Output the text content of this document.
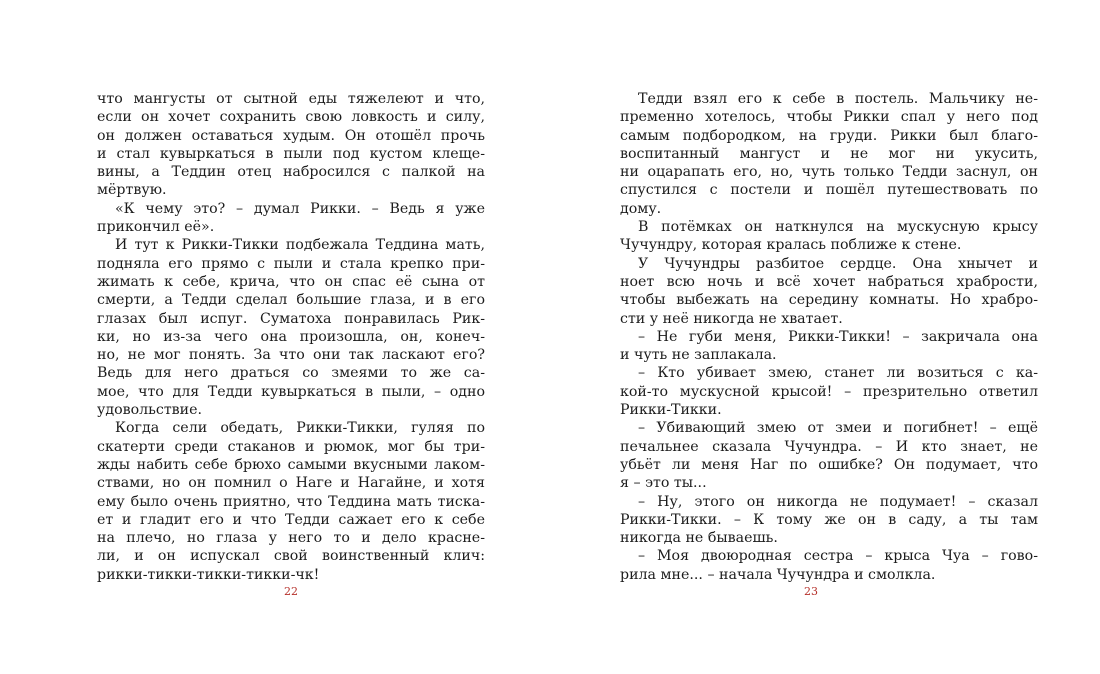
что мангусты от сытной еды тяжелеют и что,
если он хочет сохранить свою ловкость и силу,
он должен оставаться худым. Он отошёл прочь
и стал кувыркаться в пыли под кустом клеще-
вины, а Теддин отец набросился с палкой на
мёртвую.
«К чему это? – думал Рикки. – Ведь я уже
прикончил её».
И тут к Рикки-Тикки подбежала Теддина мать,
подняла его прямо с пыли и стала крепко при-
жимать к себе, крича, что он спас её сына от
смерти, а Тедди сделал большие глаза, и в его
глазах был испуг. Суматоха понравилась Рик-
ки, но из-за чего она произошла, он, конеч-
но, не мог понять. За что они так ласкают его?
Ведь для него драться со змеями то же са-
мое, что для Тедди кувыркаться в пыли, – одно
удовольствие.
Когда сели обедать, Рикки-Тикки, гуляя по
скатерти среди стаканов и рюмок, мог бы три-
жды набить себе брюхо самыми вкусными лаком-
ствами, но он помнил о Наге и Нагайне, и хотя
ему было очень приятно, что Теддина мать тиска-
ет и гладит его и что Тедди сажает его к себе
на плечо, но глаза у него то и дело красне-
ли, и он испускал свой воинственный клич:
рикки-тикки-тикки-тикки-чк!
22
Тедди взял его к себе в постель. Мальчику не-
пременно хотелось, чтобы Рикки спал у него под
самым подбородком, на груди. Рикки был благо-
воспитанный мангуст и не мог ни укусить,
ни оцарапать его, но, чуть только Тедди заснул, он
спустился с постели и пошёл путешествовать по
дому.
В потёмках он наткнулся на мускусную крысу
Чучундру, которая кралась поближе к стене.
У Чучундры разбитое сердце. Она хнычет и
ноет всю ночь и всё хочет набраться храбрости,
чтобы выбежать на середину комнаты. Но храбро-
сти у неё никогда не хватает.
– Не губи меня, Рикки-Тикки! – закричала она
и чуть не заплакала.
– Кто убивает змею, станет ли возиться с ка-
кой-то мускусной крысой! – презрительно ответил
Рикки-Тикки.
– Убивающий змею от змеи и погибнет! – ещё
печальнее сказала Чучундра. – И кто знает, не
убьёт ли меня Наг по ошибке? Он подумает, что
я – это ты...
– Ну, этого он никогда не подумает! – сказал
Рикки-Тикки. – К тому же он в саду, а ты там
никогда не бываешь.
– Моя двоюродная сестра – крыса Чуа – гово-
рила мне... – начала Чучундра и смолкла.
23
